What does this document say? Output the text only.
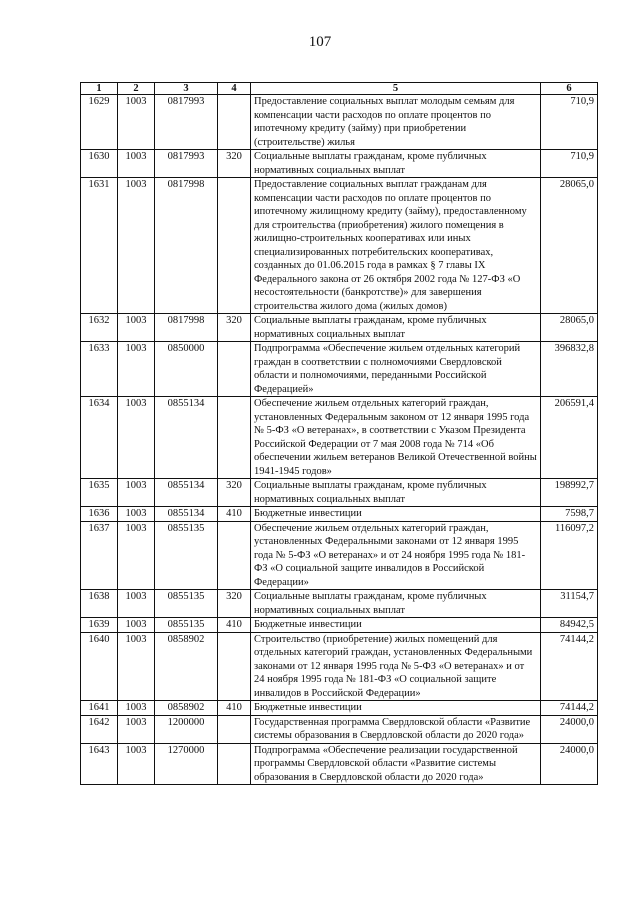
107
1	2	3	4	5	6
1629	1003	0817993		Предоставление социальных выплат молодым семьям для компенсации части расходов по оплате процентов по ипотечному кредиту (займу) при приобретении (строительстве) жилья	710,9
1630	1003	0817993	320	Социальные выплаты гражданам, кроме публичных нормативных социальных выплат	710,9
1631	1003	0817998		Предоставление социальных выплат гражданам для компенсации части расходов по оплате процентов по ипотечному жилищному кредиту (займу), предоставленному для строительства (приобретения) жилого помещения в жилищно-строительных кооперативах или иных специализированных потребительских кооперативах, созданных до 01.06.2015 года в рамках § 7 главы IX Федерального закона от 26 октября 2002 года № 127-ФЗ «О несостоятельности (банкротстве)» для завершения строительства жилого дома (жилых домов)	28065,0
1632	1003	0817998	320	Социальные выплаты гражданам, кроме публичных нормативных социальных выплат	28065,0
1633	1003	0850000		Подпрограмма «Обеспечение жильем отдельных категорий граждан в соответствии с полномочиями Свердловской области и полномочиями, переданными Российской Федерацией»	396832,8
1634	1003	0855134		Обеспечение жильем отдельных категорий граждан, установленных Федеральным законом от 12 января 1995 года № 5-ФЗ «О ветеранах», в соответствии с Указом Президента Российской Федерации от 7 мая 2008 года № 714 «Об обеспечении жильем ветеранов Великой Отечественной войны 1941-1945 годов»	206591,4
1635	1003	0855134	320	Социальные выплаты гражданам, кроме публичных нормативных социальных выплат	198992,7
1636	1003	0855134	410	Бюджетные инвестиции	7598,7
1637	1003	0855135		Обеспечение жильем отдельных категорий граждан, установленных Федеральными законами от 12 января 1995 года № 5-ФЗ «О ветеранах» и от 24 ноября 1995 года № 181-ФЗ «О социальной защите инвалидов в Российской Федерации»	116097,2
1638	1003	0855135	320	Социальные выплаты гражданам, кроме публичных нормативных социальных выплат	31154,7
1639	1003	0855135	410	Бюджетные инвестиции	84942,5
1640	1003	0858902		Строительство (приобретение) жилых помещений для отдельных категорий граждан, установленных Федеральными законами от 12 января 1995 года № 5-ФЗ «О ветеранах» и от 24 ноября 1995 года № 181-ФЗ «О социальной защите инвалидов в Российской Федерации»	74144,2
1641	1003	0858902	410	Бюджетные инвестиции	74144,2
1642	1003	1200000		Государственная программа Свердловской области «Развитие системы образования в Свердловской области до 2020 года»	24000,0
1643	1003	1270000		Подпрограмма «Обеспечение реализации государственной программы Свердловской области «Развитие системы образования в Свердловской области до 2020 года»	24000,0
